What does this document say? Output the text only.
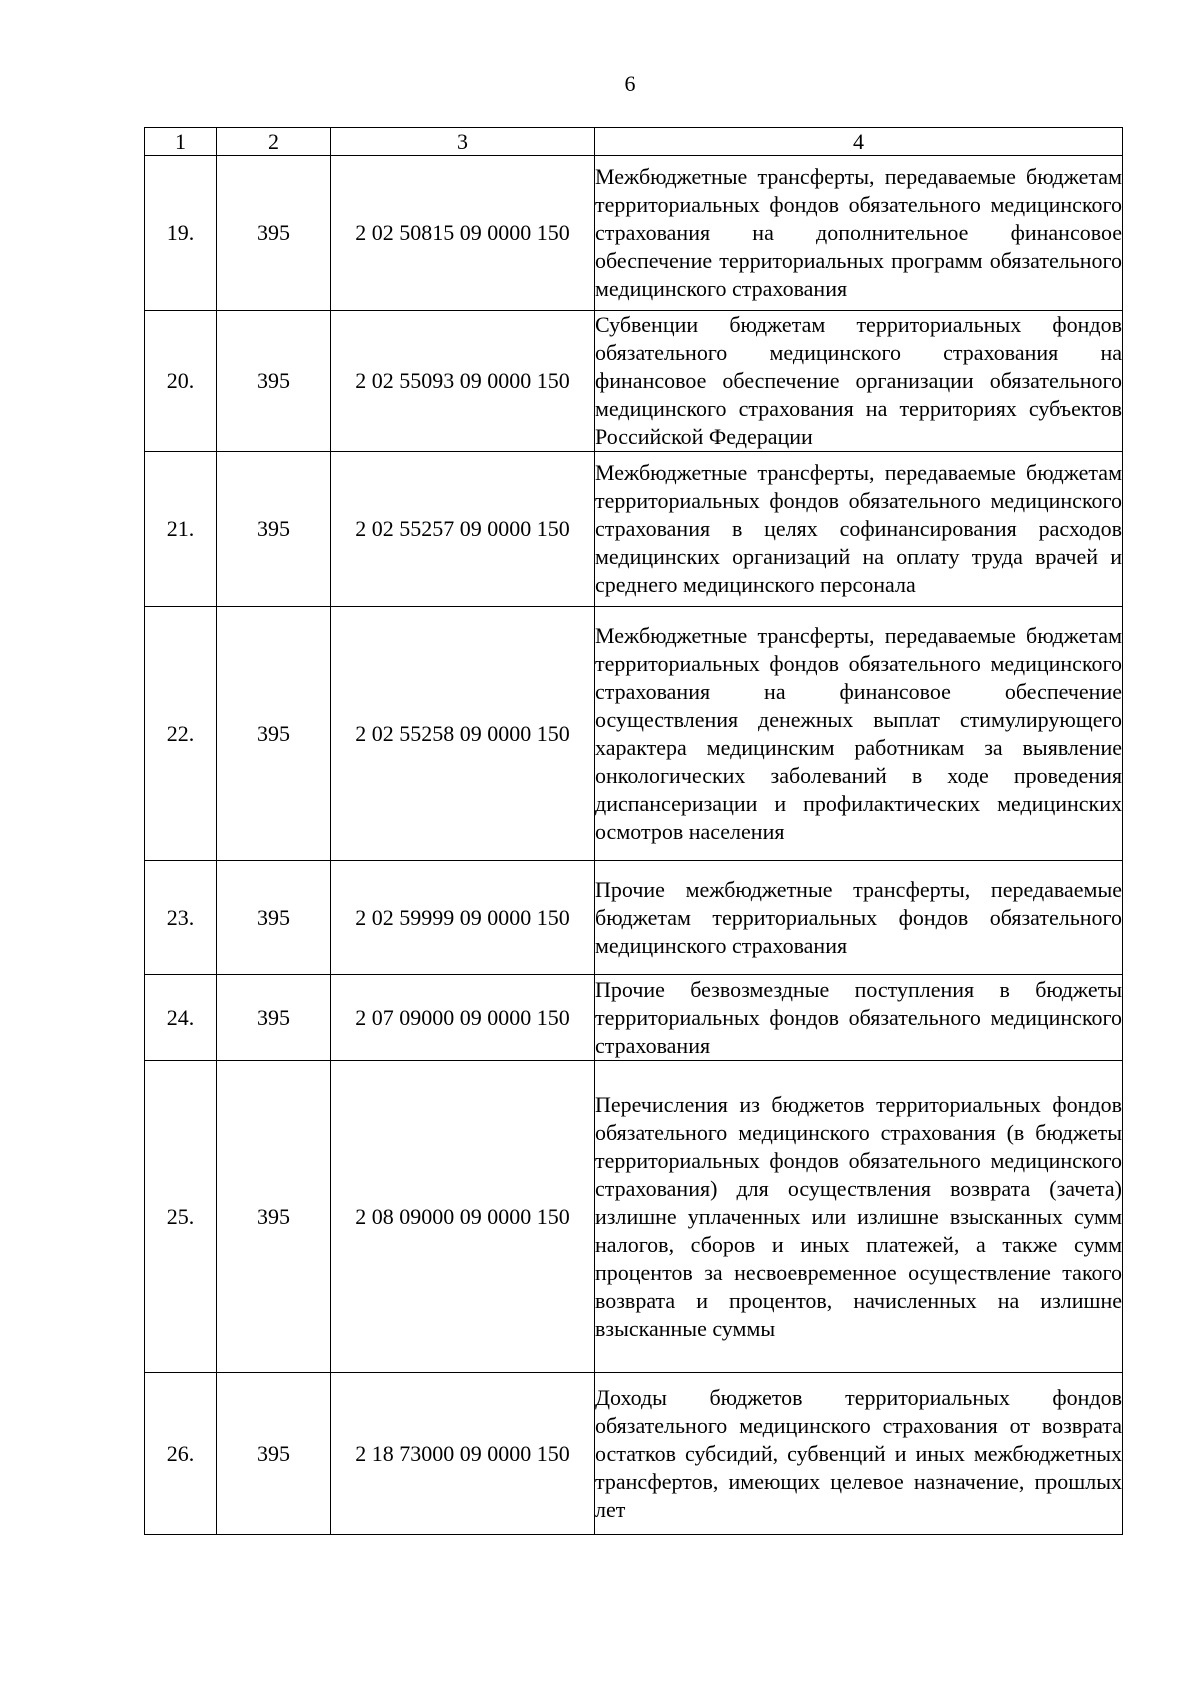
6
1	2	3	4
19.	395	2 02 50815 09 0000 150	Межбюджетные трансферты, передаваемые бюджетам территориальных фондов обязательного медицинского страхования на дополнительное финансовое обеспечение территориальных программ обязательного медицинского страхования
20.	395	2 02 55093 09 0000 150	Субвенции бюджетам территориальных фондов обязательного медицинского страхования на финансовое обеспечение организации обязательного медицинского страхования на территориях субъектов Российской Федерации
21.	395	2 02 55257 09 0000 150	Межбюджетные трансферты, передаваемые бюджетам территориальных фондов обязательного медицинского страхования в целях софинансирования расходов медицинских организаций на оплату труда врачей и среднего медицинского персонала
22.	395	2 02 55258 09 0000 150	Межбюджетные трансферты, передаваемые бюджетам территориальных фондов обязательного медицинского страхования на финансовое обеспечение осуществления денежных выплат стимулирующего характера медицинским работникам за выявление онкологических заболеваний в ходе проведения диспансеризации и профилактических медицинских осмотров населения
23.	395	2 02 59999 09 0000 150	Прочие межбюджетные трансферты, передаваемые бюджетам территориальных фондов обязательного медицинского страхования
24.	395	2 07 09000 09 0000 150	Прочие безвозмездные поступления в бюджеты территориальных фондов обязательного медицинского страхования
25.	395	2 08 09000 09 0000 150	Перечисления из бюджетов территориальных фондов обязательного медицинского страхования (в бюджеты территориальных фондов обязательного медицинского страхования) для осуществления возврата (зачета) излишне уплаченных или излишне взысканных сумм налогов, сборов и иных платежей, а также сумм процентов за несвоевременное осуществление такого возврата и процентов, начисленных на излишне взысканные суммы
26.	395	2 18 73000 09 0000 150	Доходы бюджетов территориальных фондов обязательного медицинского страхования от возврата остатков субсидий, субвенций и иных межбюджетных трансфертов, имеющих целевое назначение, прошлых лет
